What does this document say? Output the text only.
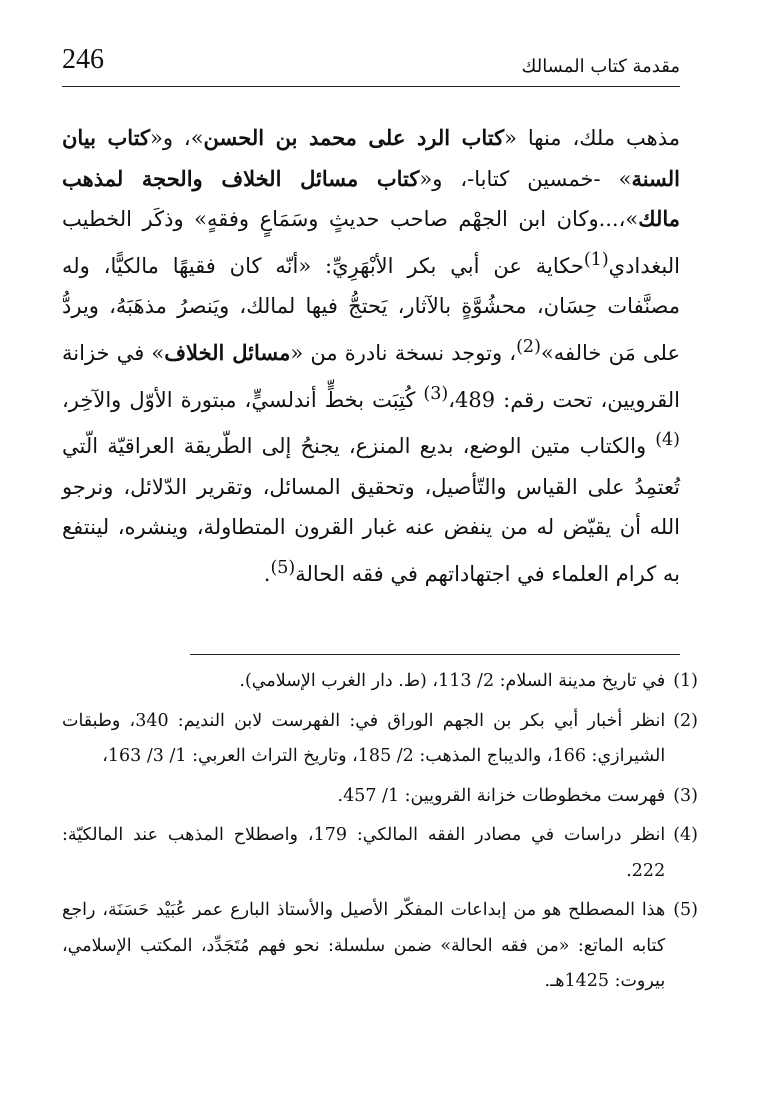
246	مقدمة كتاب المسالك
مذهب ملك، منها «كتاب الرد على محمد بن الحسن»، و«كتاب بيان السنة» -خمسين كتابا-، و«كتاب مسائل الخلاف والحجة لمذهب مالك»،...وكان ابن الجهْم صاحب حديثٍ وسَمَاعٍ وفقهٍ» وذكَر الخطيب البغدادي$^{(1)}$حكاية عن أبي بكر الأبْهَرِيِّ: «أنّه كان فقيهًا مالكيًّا، وله مصنَّفات حِسَان، محشُوَّةٍ بالآثار، يَحتجُّ فيها لمالك، ويَنصرُ مذهَبَهُ، ويردُّ على مَن خالفه»$^{(2)}$، وتوجد نسخة نادرة من «مسائل الخلاف» في خزانة القرويين، تحت رقم: 489،$^{(3)}$ كُتِبَت بخطٍّ أندلسيٍّ، مبتورة الأوّل والآخِر،$^{(4)}$ والكتاب متين الوضع، بديع المنزع، يجنحُ إلى الطّريقة العراقيّة الّتي تُعتمِدُ على القياس والتّأصيل، وتحقيق المسائل، وتقرير الدّلائل، ونرجو الله أن يقيّض له من ينفض عنه غبار القرون المتطاولة، وينشره، لينتفع به كرام العلماء في اجتهاداتهم في فقه الحالة$^{(5)}$.
(1)
في تاريخ مدينة السلام: 2/ 113، (ط. دار الغرب الإسلامي).
(2)
انظر أخبار أبي بكر بن الجهم الوراق في: الفهرست لابن النديم: 340، وطبقات الشيرازي: 166، والديباج المذهب: 2/ 185، وتاريخ التراث العربي: 1/ 3/ 163،
(3)
فهرست مخطوطات خزانة القرويين: 1/ 457.
(4)
انظر دراسات في مصادر الفقه المالكي: 179، واصطلاح المذهب عند المالكيّة: 222.
(5)
هذا المصطلح هو من إبداعات المفكّر الأصيل والأستاذ البارع عمر عُبَيْد حَسَنَة، راجع كتابه الماتع: «من فقه الحالة» ضمن سلسلة: نحو فهم مُتَجَدِّد، المكتب الإسلامي، بيروت: 1425هـ.
